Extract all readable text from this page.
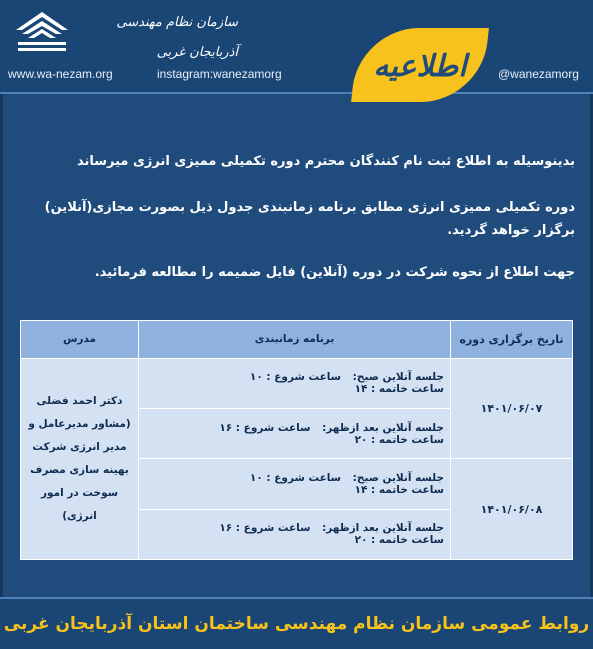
سازمان نظام مهندسی آذربایجان غربی
www.wa-nezam.org	instagram:wanezamorg	@wanezamorg
اطلاعیه
بدینوسیله به اطلاع ثبت نام کنندگان محترم دوره تکمیلی ممیزی انرژی میرساند
دوره تکمیلی ممیزی انرژی مطابق برنامه زمانبندی جدول ذیل بصورت مجازی(آنلاین) برگزار خواهد گردید.
جهت اطلاع از نحوه شرکت در دوره (آنلاین) فایل ضمیمه را مطالعه فرمائید.
تاریخ برگزاری دوره	برنامه زمانبندی	مدرس
۱۴۰۱/۰۶/۰۷	جلسه آنلاین صبح: ساعت شروع : ۱۰ ساعت خاتمه : ۱۴	دکتر احمد فضلی (مشاور مدیرعامل و مدیر انرژی شرکت بهینه سازی مصرف سوخت در امور انرژی)
	جلسه آنلاین بعد ازظهر: ساعت شروع : ۱۶ ساعت خاتمه : ۲۰	
۱۴۰۱/۰۶/۰۸	جلسه آنلاین صبح: ساعت شروع : ۱۰ ساعت خاتمه : ۱۴	
	جلسه آنلاین بعد ازظهر: ساعت شروع : ۱۶ ساعت خاتمه : ۲۰	
روابط عمومی سازمان نظام مهندسی ساختمان استان آذربایجان غربی
